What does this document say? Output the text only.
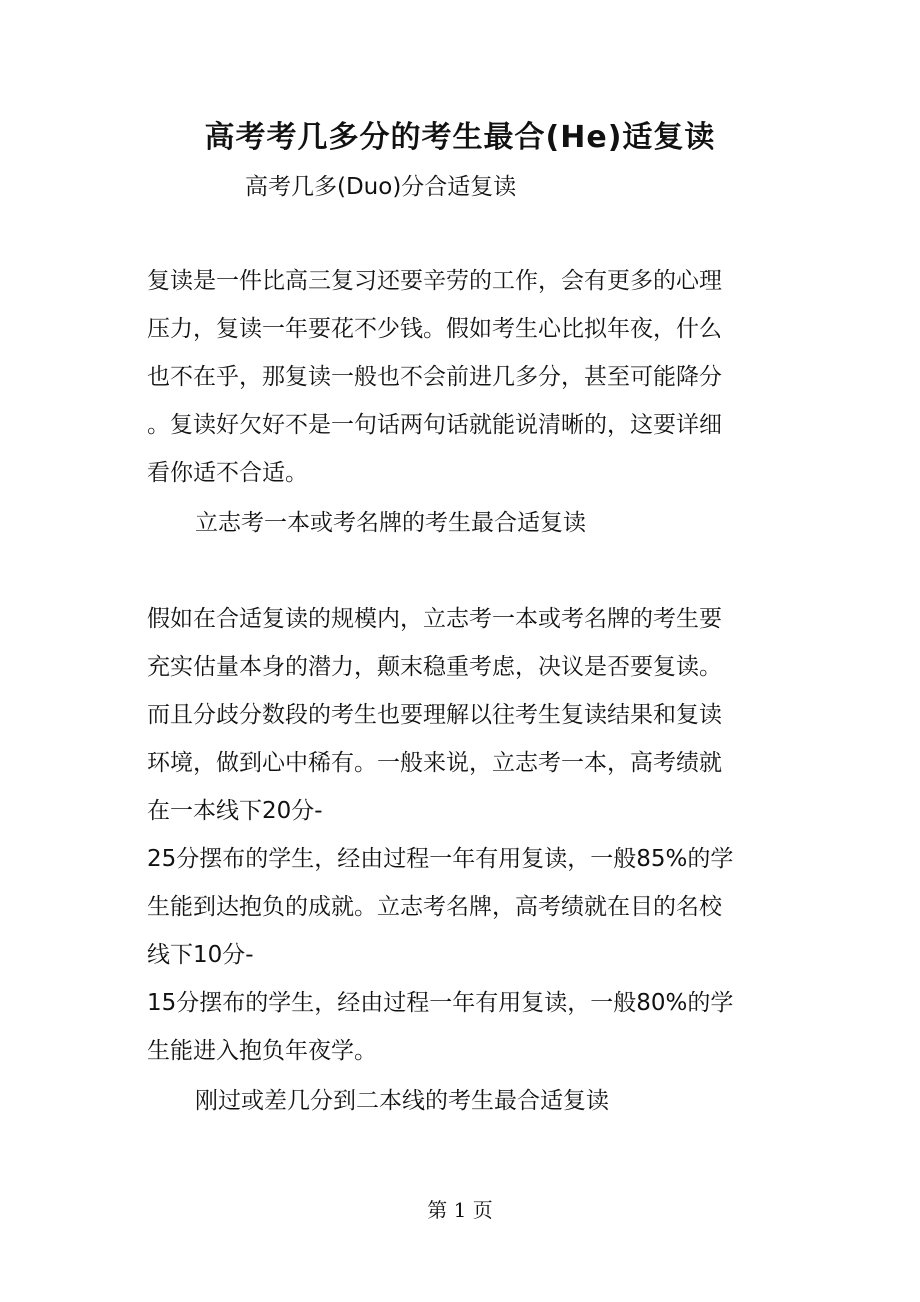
高考考几多分的考生最合(He)适复读
高考几多(Duo)分合适复读
复读是一件比高三复习还要辛劳的工作，会有更多的心理
压力，复读一年要花不少钱。假如考生心比拟年夜，什么
也不在乎，那复读一般也不会前进几多分，甚至可能降分
。复读好欠好不是一句话两句话就能说清晰的，这要详细
看你适不合适。
立志考一本或考名牌的考生最合适复读
假如在合适复读的规模内，立志考一本或考名牌的考生要
充实估量本身的潜力，颠末稳重考虑，决议是否要复读。
而且分歧分数段的考生也要理解以往考生复读结果和复读
环境，做到心中稀有。一般来说，立志考一本，高考绩就
在一本线下20分-
25分摆布的学生，经由过程一年有用复读，一般85%的学
生能到达抱负的成就。立志考名牌，高考绩就在目的名校
线下10分-
15分摆布的学生，经由过程一年有用复读，一般80%的学
生能进入抱负年夜学。
刚过或差几分到二本线的考生最合适复读
第 1 页
